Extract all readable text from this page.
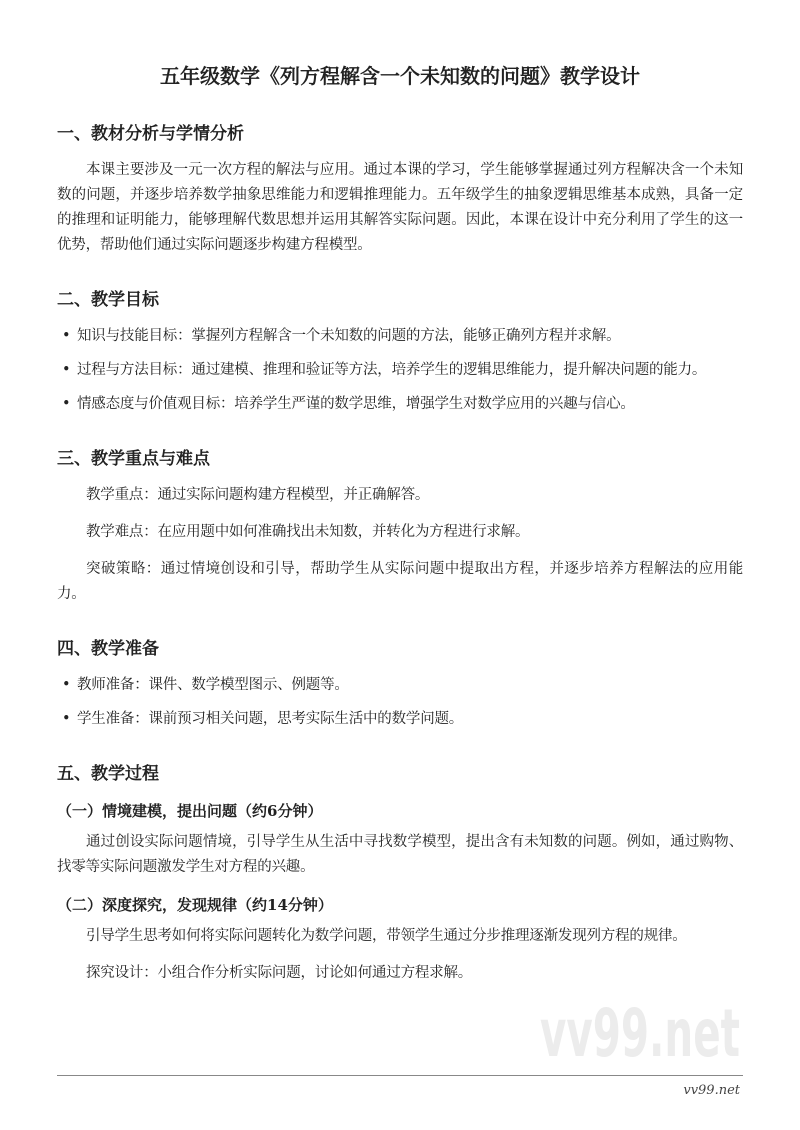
vv99.net
五年级数学《列方程解含一个未知数的问题》教学设计
一、教材分析与学情分析
本课主要涉及一元一次方程的解法与应用。通过本课的学习，学生能够掌握通过列方程解决含一个未知数的问题，并逐步培养数学抽象思维能力和逻辑推理能力。五年级学生的抽象逻辑思维基本成熟，具备一定的推理和证明能力，能够理解代数思想并运用其解答实际问题。因此，本课在设计中充分利用了学生的这一优势，帮助他们通过实际问题逐步构建方程模型。
二、教学目标
• 知识与技能目标：掌握列方程解含一个未知数的问题的方法，能够正确列方程并求解。
• 过程与方法目标：通过建模、推理和验证等方法，培养学生的逻辑思维能力，提升解决问题的能力。
• 情感态度与价值观目标：培养学生严谨的数学思维，增强学生对数学应用的兴趣与信心。
三、教学重点与难点
教学重点：通过实际问题构建方程模型，并正确解答。
教学难点：在应用题中如何准确找出未知数，并转化为方程进行求解。
突破策略：通过情境创设和引导，帮助学生从实际问题中提取出方程，并逐步培养方程解法的应用能力。
四、教学准备
• 教师准备：课件、数学模型图示、例题等。
• 学生准备：课前预习相关问题，思考实际生活中的数学问题。
五、教学过程
（一）情境建模，提出问题（约6分钟）
通过创设实际问题情境，引导学生从生活中寻找数学模型，提出含有未知数的问题。例如，通过购物、找零等实际问题激发学生对方程的兴趣。
（二）深度探究，发现规律（约14分钟）
引导学生思考如何将实际问题转化为数学问题，带领学生通过分步推理逐渐发现列方程的规律。
探究设计：小组合作分析实际问题，讨论如何通过方程求解。
vv99.net
